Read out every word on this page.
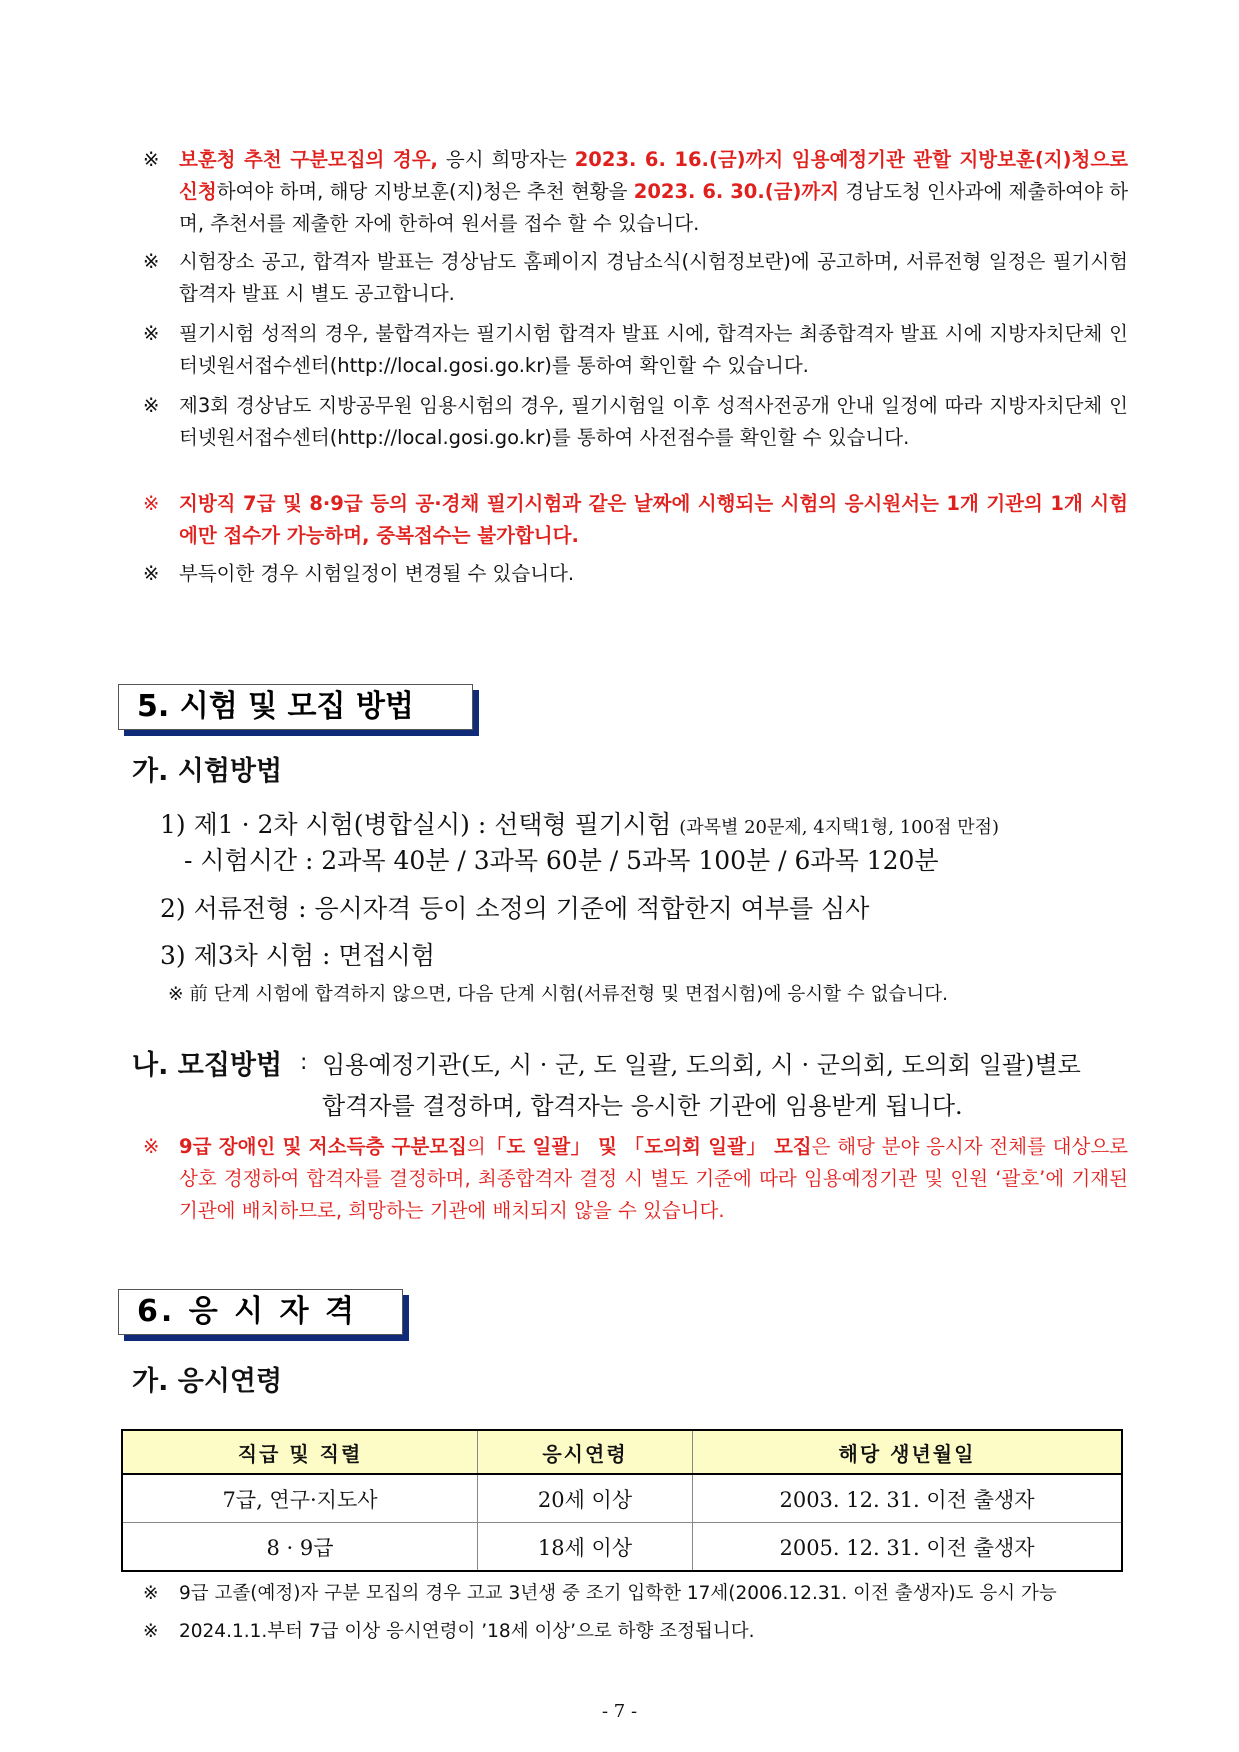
※	보훈청 추천 구분모집의 경우, 응시 희망자는 2023. 6. 16.(금)까지 임용예정기관 관할 지방보훈(지)청으로 신청하여야 하며, 해당 지방보훈(지)청은 추천 현황을 2023. 6. 30.(금)까지 경남도청 인사과에 제출하여야 하며, 추천서를 제출한 자에 한하여 원서를 접수 할 수 있습니다.
※	시험장소 공고, 합격자 발표는 경상남도 홈페이지 경남소식(시험정보란)에 공고하며, 서류전형 일정은 필기시험 합격자 발표 시 별도 공고합니다.
※	필기시험 성적의 경우, 불합격자는 필기시험 합격자 발표 시에, 합격자는 최종합격자 발표 시에 지방자치단체 인터넷원서접수센터(http://local.gosi.go.kr)를 통하여 확인할 수 있습니다.
※	제3회 경상남도 지방공무원 임용시험의 경우, 필기시험일 이후 성적사전공개 안내 일정에 따라 지방자치단체 인터넷원서접수센터(http://local.gosi.go.kr)를 통하여 사전점수를 확인할 수 있습니다.
※	지방직 7급 및 8·9급 등의 공·경채 필기시험과 같은 날짜에 시행되는 시험의 응시원서는 1개 기관의 1개 시험에만 접수가 가능하며, 중복접수는 불가합니다.
※	부득이한 경우 시험일정이 변경될 수 있습니다.
5. 시험 및 모집 방법
가. 시험방법
1) 제1 · 2차 시험(병합실시) : 선택형 필기시험 (과목별 20문제, 4지택1형, 100점 만점)
- 시험시간 : 2과목 40분 / 3과목 60분 / 5과목 100분 / 6과목 120분
2) 서류전형 : 응시자격 등이 소정의 기준에 적합한지 여부를 심사
3) 제3차 시험 : 면접시험
※ 前 단계 시험에 합격하지 않으면, 다음 단계 시험(서류전형 및 면접시험)에 응시할 수 없습니다.
나. 모집방법 : 임용예정기관(도, 시 · 군, 도 일괄, 도의회, 시 · 군의회, 도의회 일괄)별로
합격자를 결정하며, 합격자는 응시한 기관에 임용받게 됩니다.
※	9급 장애인 및 저소득층 구분모집의「도 일괄」 및 「도의회 일괄」 모집은 해당 분야 응시자 전체를 대상으로 상호 경쟁하여 합격자를 결정하며, 최종합격자 결정 시 별도 기준에 따라 임용예정기관 및 인원 ‘괄호’에 기재된 기관에 배치하므로, 희망하는 기관에 배치되지 않을 수 있습니다.
6. 응 시 자 격
가. 응시연령
직급 및 직렬	응시연령	해당 생년월일
7급, 연구·지도사	20세 이상	2003. 12. 31. 이전 출생자
8 · 9급	18세 이상	2005. 12. 31. 이전 출생자
※	9급 고졸(예정)자 구분 모집의 경우 고교 3년생 중 조기 입학한 17세(2006.12.31. 이전 출생자)도 응시 가능
※	2024.1.1.부터 7급 이상 응시연령이 ’18세 이상’으로 하향 조정됩니다.
- 7 -
